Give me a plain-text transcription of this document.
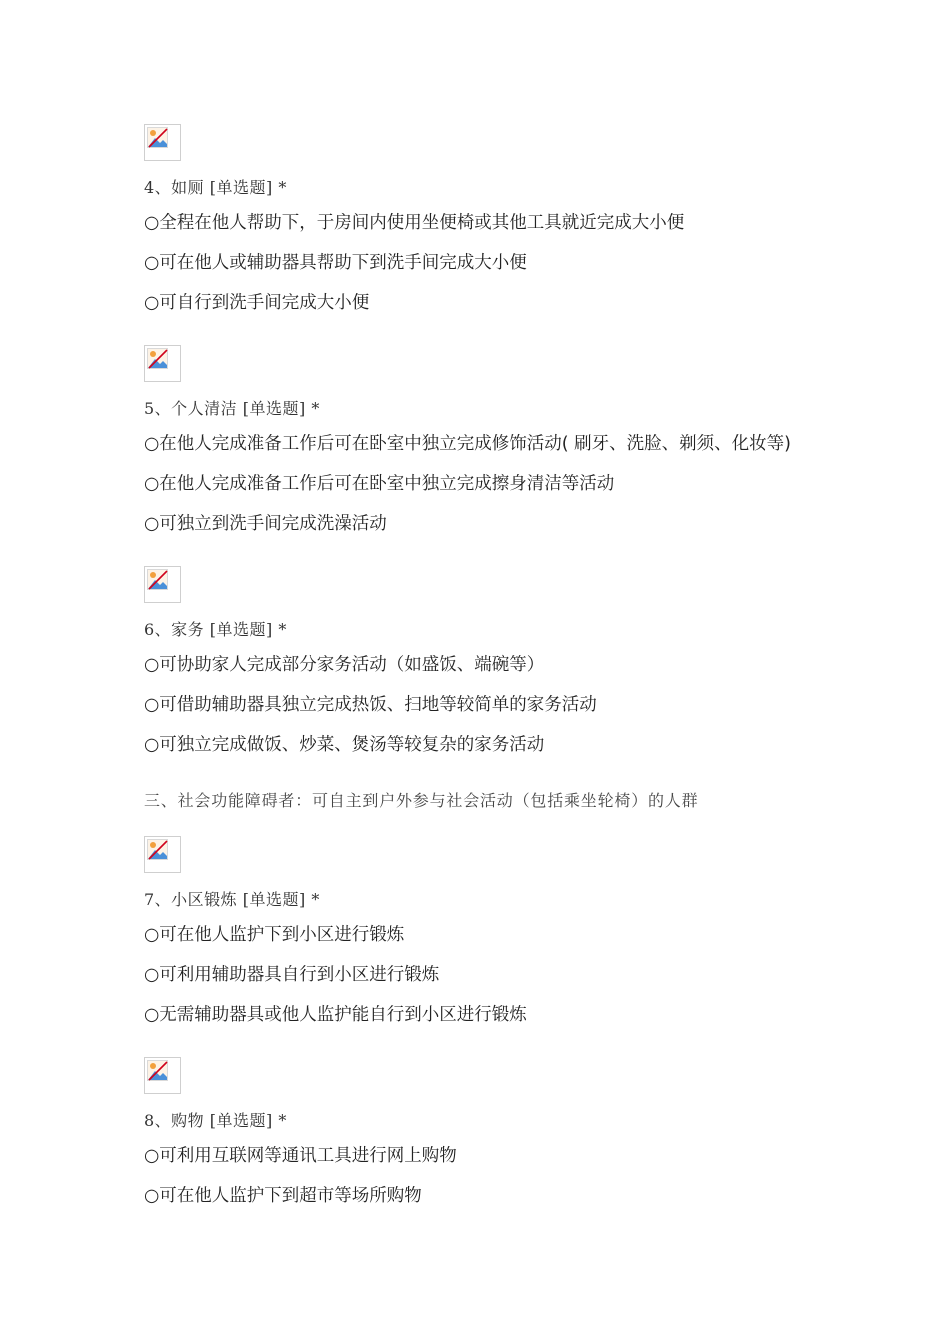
4、如厕 [单选题] *
○全程在他人帮助下，于房间内使用坐便椅或其他工具就近完成大小便
○可在他人或辅助器具帮助下到洗手间完成大小便
○可自行到洗手间完成大小便
5、个人清洁 [单选题] *
○在他人完成准备工作后可在卧室中独立完成修饰活动( 刷牙、洗脸、剃须、化妆等)
○在他人完成准备工作后可在卧室中独立完成擦身清洁等活动
○可独立到洗手间完成洗澡活动
6、家务 [单选题] *
○可协助家人完成部分家务活动（如盛饭、端碗等）
○可借助辅助器具独立完成热饭、扫地等较简单的家务活动
○可独立完成做饭、炒菜、煲汤等较复杂的家务活动
三、社会功能障碍者：可自主到户外参与社会活动（包括乘坐轮椅）的人群
7、小区锻炼 [单选题] *
○可在他人监护下到小区进行锻炼
○可利用辅助器具自行到小区进行锻炼
○无需辅助器具或他人监护能自行到小区进行锻炼
8、购物 [单选题] *
○可利用互联网等通讯工具进行网上购物
○可在他人监护下到超市等场所购物
